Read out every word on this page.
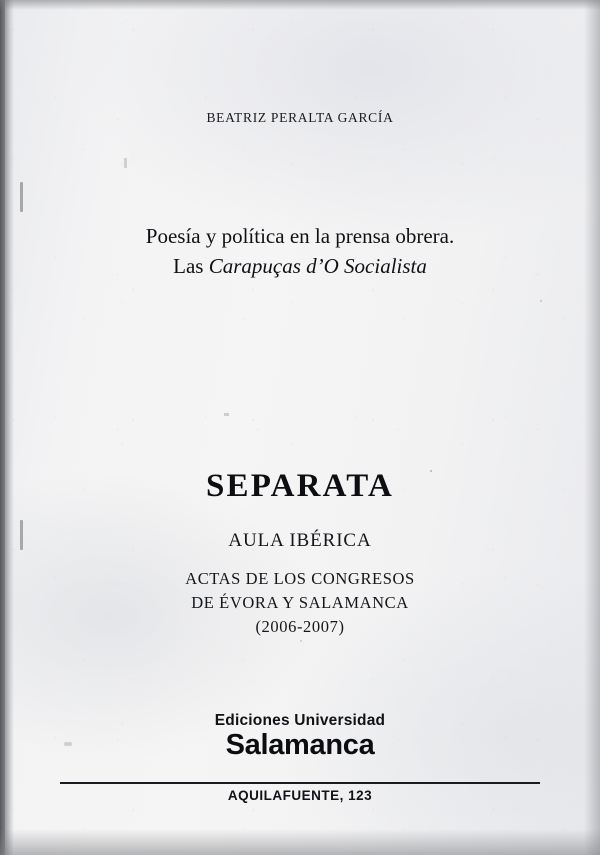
BEATRIZ PERALTA GARCÍA
Poesía y política en la prensa obrera.
Las Carapuças d’O Socialista
SEPARATA
AULA IBÉRICA
ACTAS DE LOS CONGRESOS
DE ÉVORA Y SALAMANCA
(2006-2007)
Ediciones Universidad
Salamanca
AQUILAFUENTE, 123
